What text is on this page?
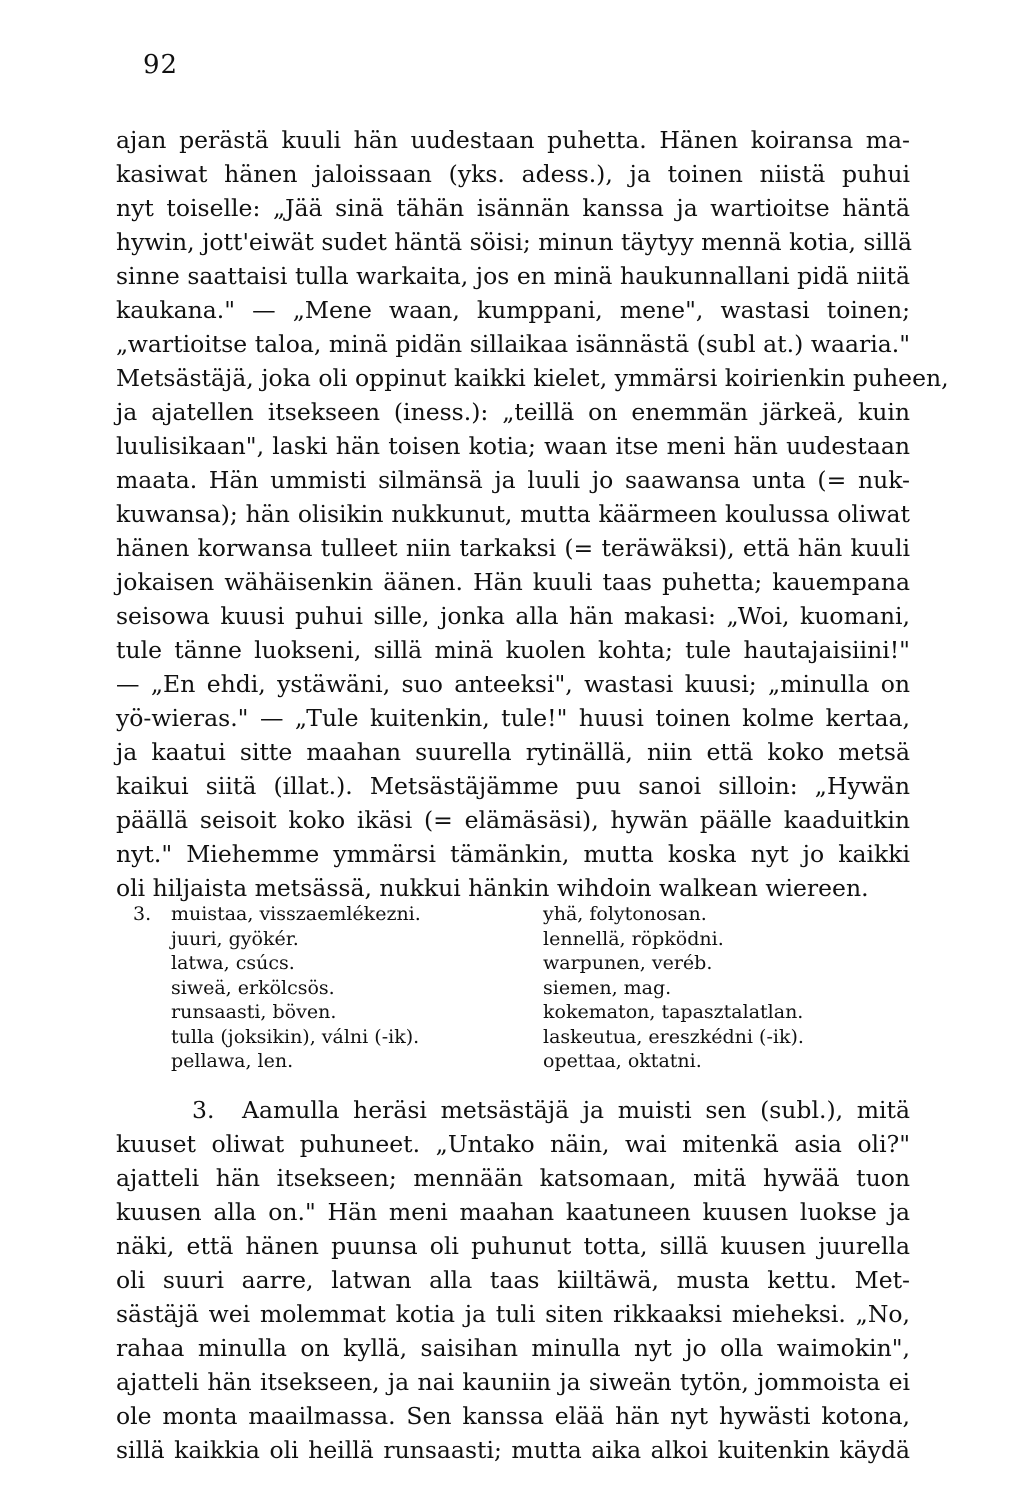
92
ajan perästä kuuli hän uudestaan puhetta. Hänen koiransa ma-
kasiwat hänen jaloissaan (yks. adess.), ja toinen niistä puhui
nyt toiselle: „Jää sinä tähän isännän kanssa ja wartioitse häntä
hywin, jott'eiwät sudet häntä söisi; minun täytyy mennä kotia, sillä
sinne saattaisi tulla warkaita, jos en minä haukunnallani pidä niitä
kaukana." — „Mene waan, kumppani, mene", wastasi toinen;
„wartioitse taloa, minä pidän sillaikaa isännästä (subl at.) waaria."
Metsästäjä, joka oli oppinut kaikki kielet, ymmärsi koirienkin puheen,
ja ajatellen itsekseen (iness.): „teillä on enemmän järkeä, kuin
luulisikaan", laski hän toisen kotia; waan itse meni hän uudestaan
maata. Hän ummisti silmänsä ja luuli jo saawansa unta (= nuk-
kuwansa); hän olisikin nukkunut, mutta käärmeen koulussa oliwat
hänen korwansa tulleet niin tarkaksi (= teräwäksi), että hän kuuli
jokaisen wähäisenkin äänen. Hän kuuli taas puhetta; kauempana
seisowa kuusi puhui sille, jonka alla hän makasi: „Woi, kuomani,
tule tänne luokseni, sillä minä kuolen kohta; tule hautajaisiini!"
— „En ehdi, ystäwäni, suo anteeksi", wastasi kuusi; „minulla on
yö-wieras." — „Tule kuitenkin, tule!" huusi toinen kolme kertaa,
ja kaatui sitte maahan suurella rytinällä, niin että koko metsä
kaikui siitä (illat.). Metsästäjämme puu sanoi silloin: „Hywän
päällä seisoit koko ikäsi (= elämäsäsi), hywän päälle kaaduitkin
nyt." Miehemme ymmärsi tämänkin, mutta koska nyt jo kaikki
oli hiljaista metsässä, nukkui hänkin wihdoin walkean wiereen.
3. muistaa, visszaemlékezni.
juuri, gyökér.
latwa, csúcs.
siweä, erkölcsös.
runsaasti, böven.
tulla (joksikin), válni (-ik).
pellawa, len.
yhä, folytonosan.
lennellä, röpködni.
warpunen, veréb.
siemen, mag.
kokematon, tapasztalatlan.
laskeutua, ereszkédni (-ik).
opettaa, oktatni.
3. Aamulla heräsi metsästäjä ja muisti sen (subl.), mitä
kuuset oliwat puhuneet. „Untako näin, wai mitenkä asia oli?"
ajatteli hän itsekseen; mennään katsomaan, mitä hywää tuon
kuusen alla on." Hän meni maahan kaatuneen kuusen luokse ja
näki, että hänen puunsa oli puhunut totta, sillä kuusen juurella
oli suuri aarre, latwan alla taas kiiltäwä, musta kettu. Met-
sästäjä wei molemmat kotia ja tuli siten rikkaaksi mieheksi. „No,
rahaa minulla on kyllä, saisihan minulla nyt jo olla waimokin",
ajatteli hän itsekseen, ja nai kauniin ja siweän tytön, jommoista ei
ole monta maailmassa. Sen kanssa elää hän nyt hywästi kotona,
sillä kaikkia oli heillä runsaasti; mutta aika alkoi kuitenkin käydä
